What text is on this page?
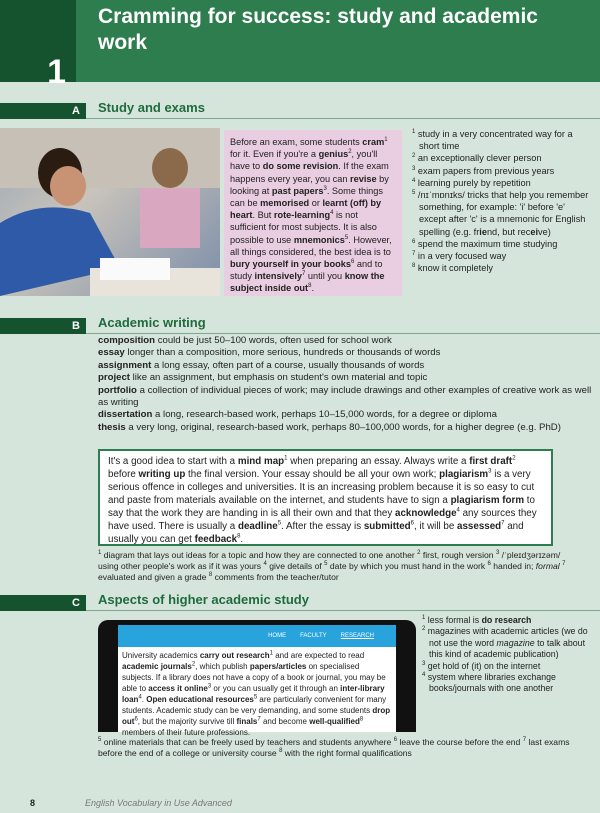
1
Cramming for success: study and academic work
A	Study and exams
Before an exam, some students cram$^1$ for it. Even if you're a genius$^2$, you'll have to do some revision. If the exam happens every year, you can revise by looking at past papers$^3$. Some things can be memorised or learnt (off) by heart. But rote-learning$^4$ is not sufficient for most subjects. It is also possible to use mnemonics$^5$. However, all things considered, the best idea is to bury yourself in your books$^6$ and to study intensively$^7$ until you know the subject inside out$^8$.
$^1$ study in a very concentrated way for a short time
$^2$ an exceptionally clever person
$^3$ exam papers from previous years
$^4$ learning purely by repetition
$^5$ /nɪˈmɒnɪks/ tricks that help you remember something, for example: 'i' before 'e' except after 'c' is a mnemonic for English spelling (e.g. friend, but receive)
$^6$ spend the maximum time studying
$^7$ in a very focused way
$^8$ know it completely
B	Academic writing
composition could be just 50–100 words, often used for school work
essay longer than a composition, more serious, hundreds or thousands of words
assignment a long essay, often part of a course, usually thousands of words
project like an assignment, but emphasis on student's own material and topic
portfolio a collection of individual pieces of work; may include drawings and other examples of creative work as well as writing
dissertation a long, research-based work, perhaps 10–15,000 words, for a degree or diploma
thesis a very long, original, research-based work, perhaps 80–100,000 words, for a higher degree (e.g. PhD)
It's a good idea to start with a mind map$^1$ when preparing an essay. Always write a first draft$^2$ before writing up the final version. Your essay should be all your own work; plagiarism$^3$ is a very serious offence in colleges and universities. It is an increasing problem because it is so easy to cut and paste from materials available on the internet, and students have to sign a plagiarism form to say that the work they are handing in is all their own and that they acknowledge$^4$ any sources they have used. There is usually a deadline$^5$. After the essay is submitted$^6$, it will be assessed$^7$ and usually you can get feedback$^8$.
$^1$ diagram that lays out ideas for a topic and how they are connected to one another $^2$ first, rough version $^3$ /ˈpleɪdʒərɪzəm/ using other people's work as if it was yours $^4$ give details of $^5$ date by which you must hand in the work $^6$ handed in; formal $^7$ evaluated and given a grade $^8$ comments from the teacher/tutor
C	Aspects of higher academic study
HOME FACULTY RESEARCH
University academics carry out research$^1$ and are expected to read academic journals$^2$, which publish papers/articles on specialised subjects. If a library does not have a copy of a book or journal, you may be able to access it online$^3$ or you can usually get it through an inter-library loan$^4$. Open educational resources$^5$ are particularly convenient for many students. Academic study can be very demanding, and some students drop out$^6$, but the majority survive till finals$^7$ and become well-qualified$^8$ members of their future professions.
$^1$ less formal is do research
$^2$ magazines with academic articles (we do not use the word magazine to talk about this kind of academic publication)
$^3$ get hold of (it) on the internet
$^4$ system where libraries exchange books/journals with one another
$^5$ online materials that can be freely used by teachers and students anywhere $^6$ leave the course before the end $^7$ last exams before the end of a college or university course $^8$ with the right formal qualifications
8	English Vocabulary in Use Advanced
